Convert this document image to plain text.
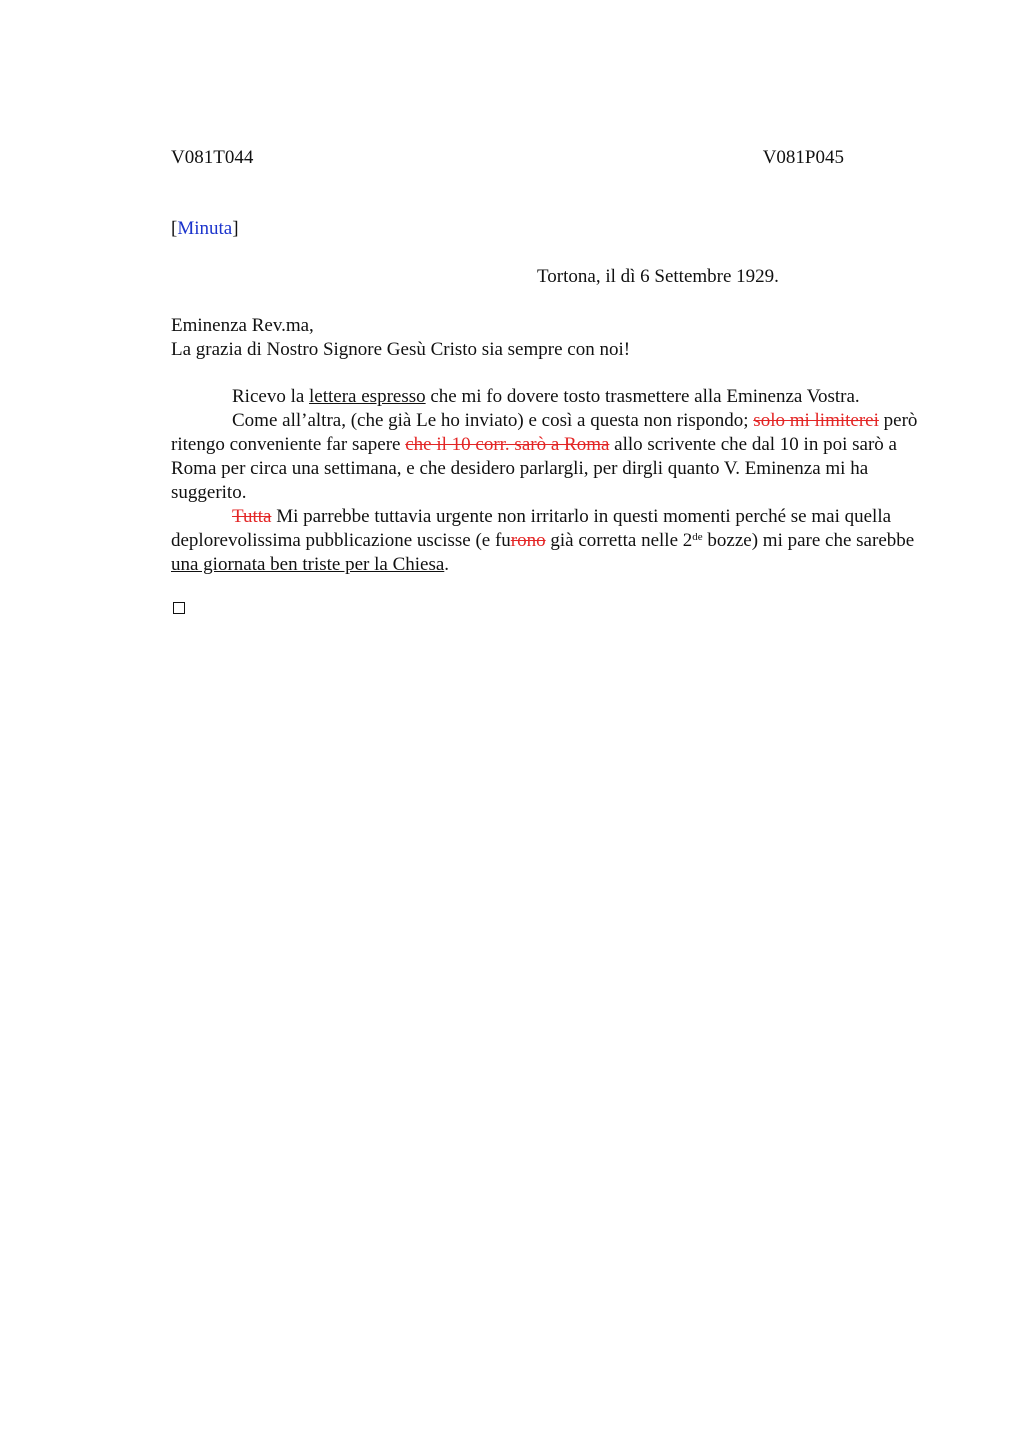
V081T044	V081P045
[Minuta]
Tortona, il dì 6 Settembre 1929.
Eminenza Rev.ma,
La grazia di Nostro Signore Gesù Cristo sia sempre con noi!

Ricevo la lettera espresso che mi fo dovere tosto trasmettere alla Eminenza Vostra.

Come all’altra, (che già Le ho inviato) e così a questa non rispondo; solo mi limiterei però ritengo conveniente far sapere che il 10 corr. sarò a Roma allo scrivente che dal 10 in poi sarò a Roma per circa una settimana, e che desidero parlargli, per dirgli quanto V. Eminenza mi ha suggerito.

Tutta Mi parrebbe tuttavia urgente non irritarlo in questi momenti perché se mai quella deplorevolissima pubblicazione uscisse (e furono già corretta nelle 2de bozze) mi pare che sarebbe una giornata ben triste per la Chiesa.
